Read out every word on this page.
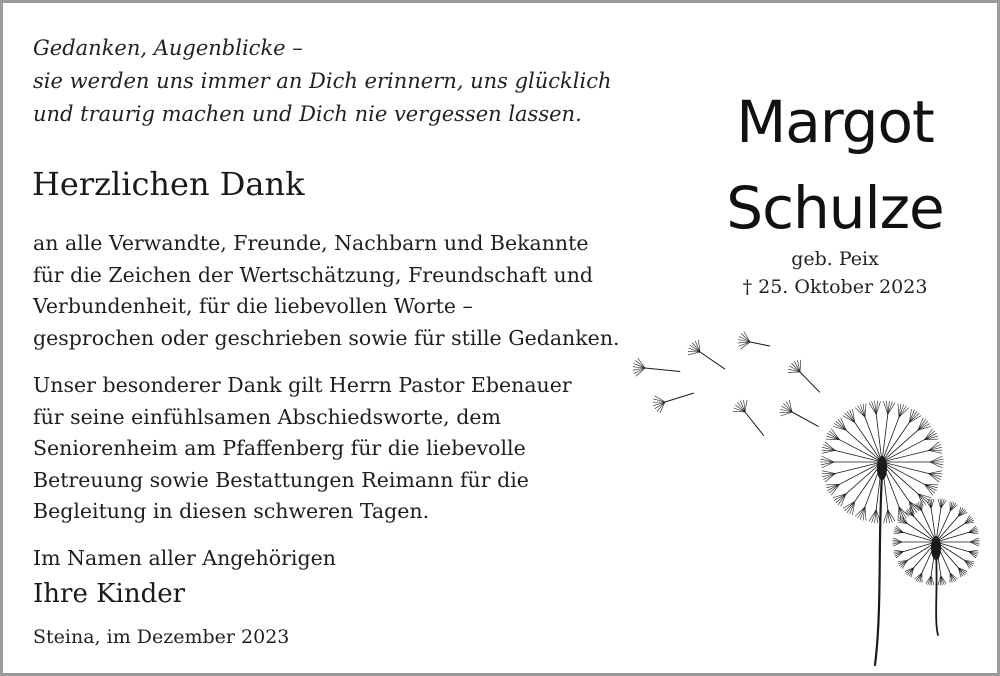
Gedanken, Augenblicke –
sie werden uns immer an Dich erinnern, uns glücklich
und traurig machen und Dich nie vergessen lassen.
Herzlichen Dank
an alle Verwandte, Freunde, Nachbarn und Bekannte
für die Zeichen der Wertschätzung, Freundschaft und
Verbundenheit, für die liebevollen Worte –
gesprochen oder geschrieben sowie für stille Gedanken.
Unser besonderer Dank gilt Herrn Pastor Ebenauer
für seine einfühlsamen Abschiedsworte, dem
Seniorenheim am Pfaffenberg für die liebevolle
Betreuung sowie Bestattungen Reimann für die
Begleitung in diesen schweren Tagen.
Im Namen aller Angehörigen
Ihre Kinder
Steina, im Dezember 2023
Margot
Schulze
geb. Peix
† 25. Oktober 2023
